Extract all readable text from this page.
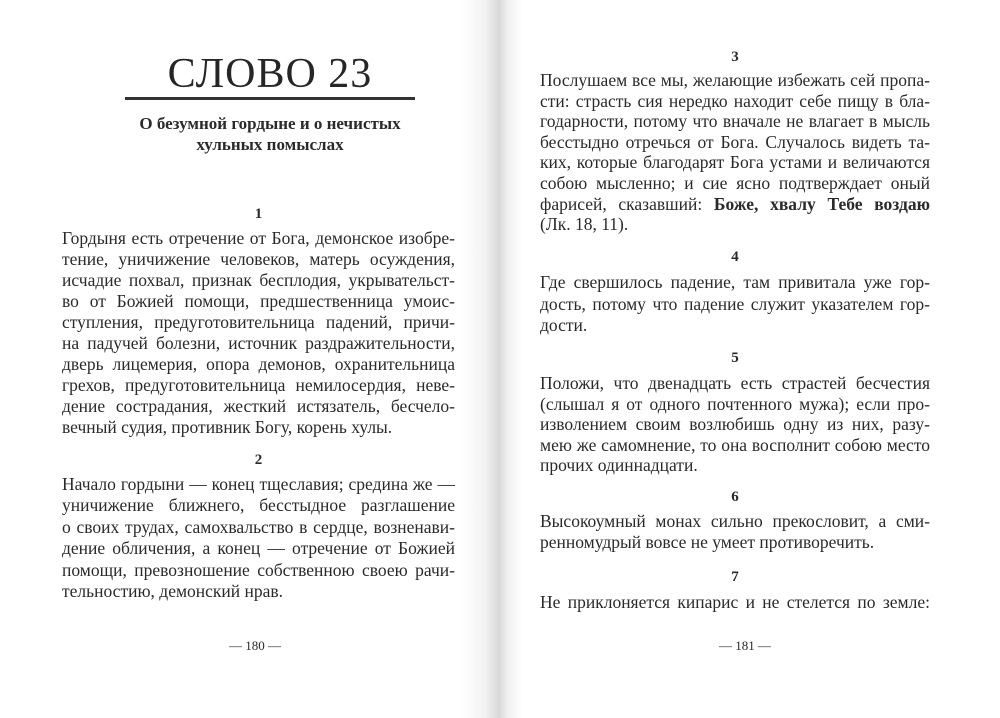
СЛОВО 23
О безумной гордыне и о нечистых
хульных помыслах
— 180 —
1
Гордыня есть отречение от Бога, демонское изобре-
тение, уничижение человеков, матерь осуждения,
исчадие похвал, признак бесплодия, укрывательст-
во от Божией помощи, предшественница умоис-
ступления, предуготовительница падений, причи-
на падучей болезни, источник раздражительности,
дверь лицемерия, опора демонов, охранительница
грехов, предуготовительница немилосердия, неве-
дение сострадания, жесткий истязатель, бесчело-
вечный судия, противник Богу, корень хулы.
2
Начало гордыни — конец тщеславия; средина же —
уничижение ближнего, бесстыдное разглашение
о своих трудах, самохвальство в сердце, возненави-
дение обличения, а конец — отречение от Божией
помощи, превозношение собственною своею рачи-
тельностию, демонский нрав.
— 181 —
3
Послушаем все мы, желающие избежать сей пропа-
сти: страсть сия нередко находит себе пищу в бла-
годарности, потому что вначале не влагает в мысль
бесстыдно отречься от Бога. Случалось видеть та-
ких, которые благодарят Бога устами и величаются
собою мысленно; и сие ясно подтверждает оный
фарисей, сказавший: Боже, хвалу Тебе воздаю
(Лк. 18, 11).
4
Где свершилось падение, там привитала уже гор-
дость, потому что падение служит указателем гор-
дости.
5
Положи, что двенадцать есть страстей бесчестия
(слышал я от одного почтенного мужа); если про-
изволением своим возлюбишь одну из них, разу-
мею же самомнение, то она восполнит собою место
прочих одиннадцати.
6
Высокоумный монах сильно прекословит, а сми-
ренномудрый вовсе не умеет противоречить.
7
Не приклоняется кипарис и не стелется по земле:
